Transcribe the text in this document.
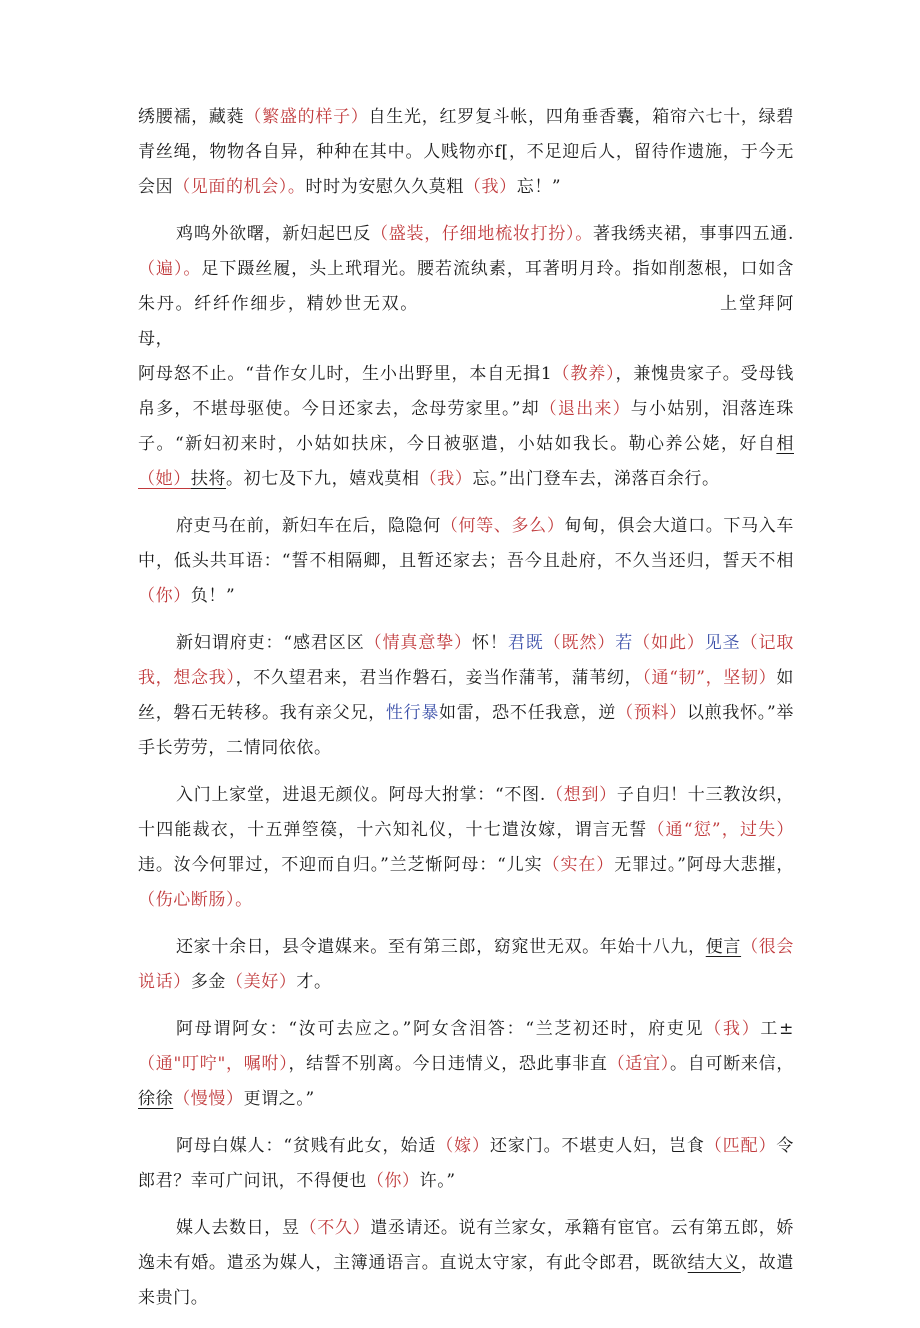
绣腰襦，藏蕤（繁盛的样子）自生光，红罗复斗帐，四角垂香囊，箱帘六七十，绿碧青丝绳，物物各自异，种种在其中。人贱物亦f[，不足迎后人，留待作遗施，于今无会因（见面的机会）。时时为安慰久久莫粗（我）忘！”

鸡鸣外欲曙，新妇起巴反（盛装，仔细地梳妆打扮）。著我绣夹裙，事事四五通.（遍）。足下蹑丝履，头上玳瑁光。腰若流纨素，耳著明月玲。指如削葱根，口如含朱丹。纤纤作细步，精妙世无双。	上堂拜阿母，
阿母怒不止。“昔作女儿时，生小出野里，本自无揖1（教养），兼愧贵家子。受母钱帛多，不堪母驱使。今日还家去，念母劳家里。”却（退出来）与小姑别，泪落连珠子。“新妇初来时，小姑如扶床，今日被驱遣，小姑如我长。勒心养公姥，好自相（她）扶将。初七及下九，嬉戏莫相（我）忘。”出门登车去，涕落百余行。

府吏马在前，新妇车在后，隐隐何（何等、多么）甸甸，俱会大道口。下马入车中，低头共耳语：“誓不相隔卿，且暂还家去；吾今且赴府，不久当还归，誓天不相（你）负！”

新妇谓府吏：“感君区区（情真意挚）怀！君既（既然）若（如此）见圣（记取我，想念我），不久望君来，君当作磐石，妾当作蒲苇，蒲苇纫，（通“韧”，坚韧）如丝，磐石无转移。我有亲父兄，性行暴如雷，恐不任我意，逆（预料）以煎我怀。”举手长劳劳，二情同依依。

入门上家堂，进退无颜仪。阿母大拊掌：“不图.（想到）子自归！十三教汝织，十四能裁衣，十五弹箜篌，十六知礼仪，十七遣汝嫁，谓言无誓（通“愆”，过失）违。汝今何罪过，不迎而自归。”兰芝惭阿母：“儿实（实在）无罪过。”阿母大悲摧，（伤心断肠）。

还家十余日，县令遣媒来。至有第三郎，窈窕世无双。年始十八九，便言（很会说话）多金（美好）才。

阿母谓阿女：“汝可去应之。”阿女含泪答：“兰芝初还时，府吏见（我）工±（通"叮咛"，嘱咐），结誓不别离。今日违情义，恐此事非直（适宜）。自可断来信，徐徐（慢慢）更谓之。”

阿母白媒人：“贫贱有此女，始适（嫁）还家门。不堪吏人妇，岂食（匹配）令郎君？幸可广问讯，不得便也（你）许。”

媒人去数日，昱（不久）遣丞请还。说有兰家女，承籍有宦官。云有第五郎，娇逸未有婚。遣丞为媒人，主簿通语言。直说太守家，有此令郎君，既欲结大义，故遣来贵门。
